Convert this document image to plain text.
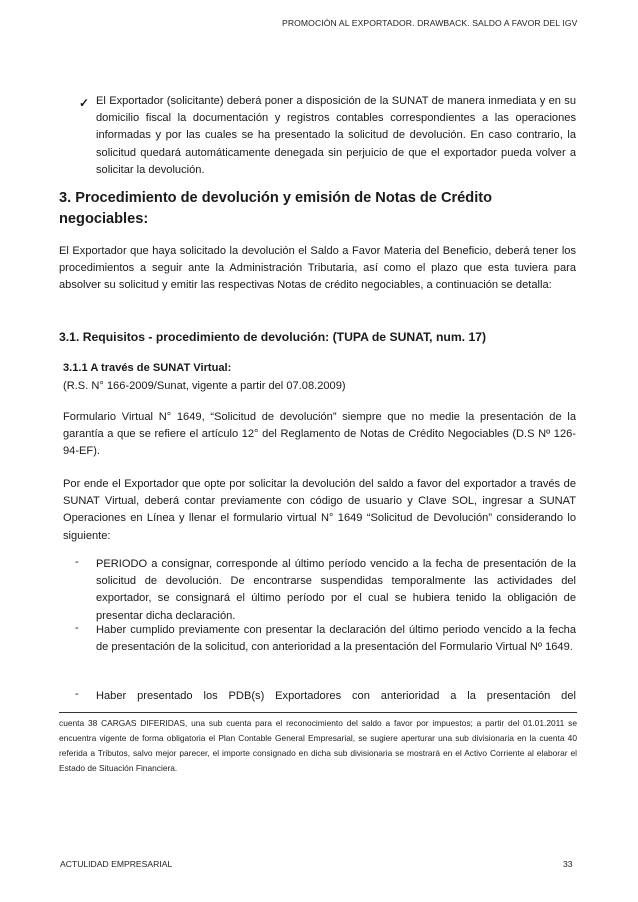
PROMOCIÓN AL EXPORTADOR. DRAWBACK. SALDO A FAVOR DEL IGV
✓ El Exportador (solicitante) deberá poner a disposición de la SUNAT de manera inmediata y en su domicilio fiscal la documentación y registros contables correspondientes a las operaciones informadas y por las cuales se ha presentado la solicitud de devolución. En caso contrario, la solicitud quedará automáticamente denegada sin perjuicio de que el exportador pueda volver a solicitar la devolución.
3. Procedimiento de devolución y emisión de Notas de Crédito
negociables:
El Exportador que haya solicitado la devolución el Saldo a Favor Materia del Beneficio, deberá tener los procedimientos a seguir ante la Administración Tributaria, así como el plazo que esta tuviera para absolver su solicitud y emitir las respectivas Notas de crédito negociables, a continuación se detalla:
3.1. Requisitos - procedimiento de devolución: (TUPA de SUNAT, num. 17)
3.1.1 A través de SUNAT Virtual:
(R.S. N° 166-2009/Sunat, vigente a partir del 07.08.2009)
Formulario Virtual N° 1649, “Solicitud de devolución” siempre que no medie la presentación de la garantía a que se refiere el artículo 12° del Reglamento de Notas de Crédito Negociables (D.S Nº 126-94-EF).
Por ende el Exportador que opte por solicitar la devolución del saldo a favor del exportador a través de SUNAT Virtual, deberá contar previamente con código de usuario y Clave SOL, ingresar a SUNAT Operaciones en Línea y llenar el formulario virtual N° 1649 “Solicitud de Devolución” considerando lo siguiente:
- PERIODO a consignar, corresponde al último período vencido a la fecha de presentación de la solicitud de devolución. De encontrarse suspendidas temporalmente las actividades del exportador, se consignará el último período por el cual se hubiera tenido la obligación de presentar dicha declaración.
- Haber cumplido previamente con presentar la declaración del último periodo vencido a la fecha de presentación de la solicitud, con anterioridad a la presentación del Formulario Virtual Nº 1649.
- Haber presentado los PDB(s) Exportadores con anterioridad a la presentación del
cuenta 38 CARGAS DIFERIDAS, una sub cuenta para el reconocimiento del saldo a favor por impuestos; a partir del 01.01.2011 se encuentra vigente de forma obligatoria el Plan Contable General Empresarial, se sugiere aperturar una sub divisionaria en la cuenta 40 referida a Tributos, salvo mejor parecer, el importe consignado en dicha sub divisionaria se mostrará en el Activo Corriente al elaborar el Estado de Situación Financiera.
ACTULIDAD EMPRESARIAL	33
